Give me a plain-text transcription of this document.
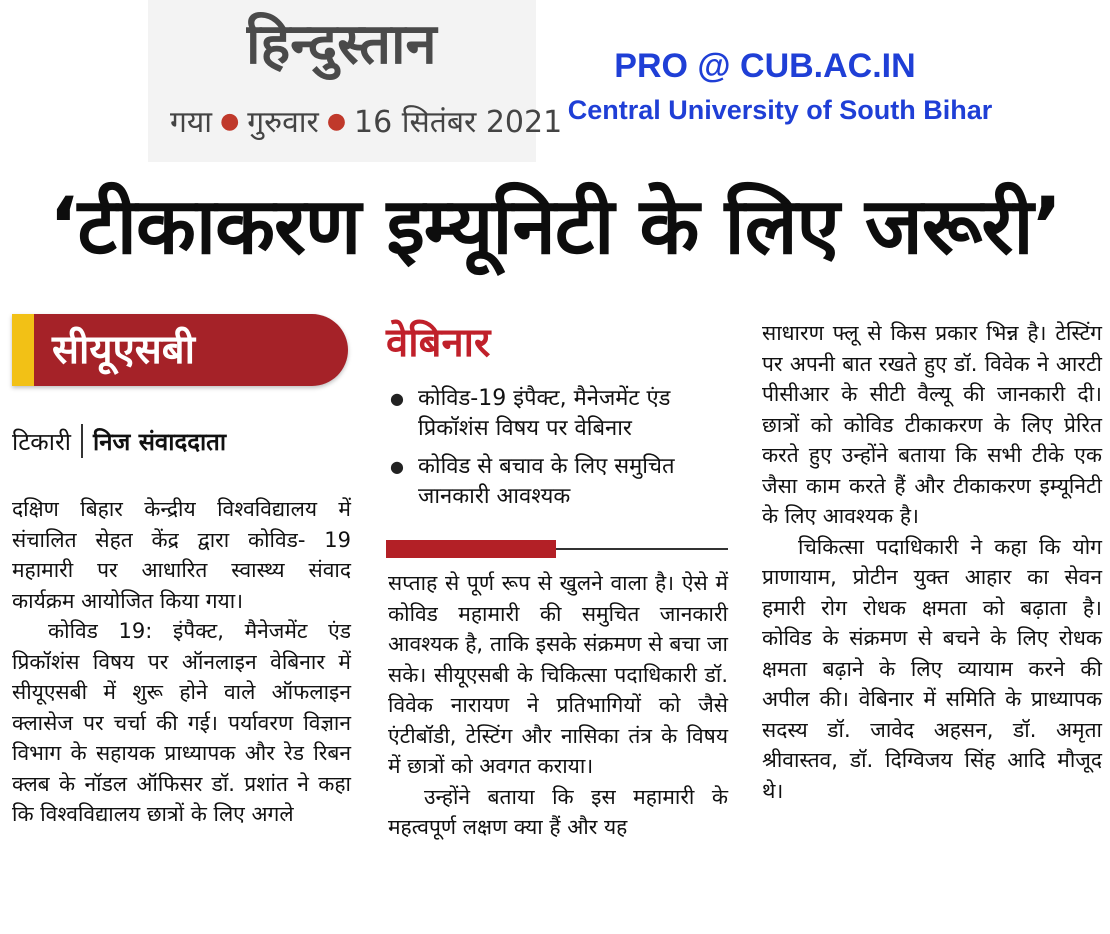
हिन्दुस्तान
गया ● गुरुवार ● 16 सितंबर 2021
PRO @ CUB.AC.IN
Central University of South Bihar
‘टीकाकरण इम्यूनिटी के लिए जरूरी’
सीयूएसबी
टिकारी निज संवाददाता

दक्षिण बिहार केन्द्रीय विश्वविद्यालय में संचालित सेहत केंद्र द्वारा कोविड- 19 महामारी पर आधारित स्वास्थ्य संवाद कार्यक्रम आयोजित किया गया।

कोविड 19: इंपैक्ट, मैनेजमेंट एंड प्रिकॉशंस विषय पर ऑनलाइन वेबिनार में सीयूएसबी में शुरू होने वाले ऑफलाइन क्लासेज पर चर्चा की गई। पर्यावरण विज्ञान विभाग के सहायक प्राध्यापक और रेड रिबन क्लब के नॉडल ऑफिसर डॉ. प्रशांत ने कहा कि विश्वविद्यालय छात्रों के लिए अगले

वेबिनार
● कोविड-19 इंपैक्ट, मैनेजमेंट एंड प्रिकॉशंस विषय पर वेबिनार
● कोविड से बचाव के लिए समुचित जानकारी आवश्यक

सप्ताह से पूर्ण रूप से खुलने वाला है। ऐसे में कोविड महामारी की समुचित जानकारी आवश्यक है, ताकि इसके संक्रमण से बचा जा सके। सीयूएसबी के चिकित्सा पदाधिकारी डॉ. विवेक नारायण ने प्रतिभागियों को जैसे एंटीबॉडी, टेस्टिंग और नासिका तंत्र के विषय में छात्रों को अवगत कराया।

उन्होंने बताया कि इस महामारी के महत्वपूर्ण लक्षण क्या हैं और यह

साधारण फ्लू से किस प्रकार भिन्न है। टेस्टिंग पर अपनी बात रखते हुए डॉ. विवेक ने आरटी पीसीआर के सीटी वैल्यू की जानकारी दी। छात्रों को कोविड टीकाकरण के लिए प्रेरित करते हुए उन्होंने बताया कि सभी टीके एक जैसा काम करते हैं और टीकाकरण इम्यूनिटी के लिए आवश्यक है।

चिकित्सा पदाधिकारी ने कहा कि योग प्राणायाम, प्रोटीन युक्त आहार का सेवन हमारी रोग रोधक क्षमता को बढ़ाता है। कोविड के संक्रमण से बचने के लिए रोधक क्षमता बढ़ाने के लिए व्यायाम करने की अपील की। वेबिनार में समिति के प्राध्यापक सदस्य डॉ. जावेद अहसन, डॉ. अमृता श्रीवास्तव, डॉ. दिग्विजय सिंह आदि मौजूद थे।
